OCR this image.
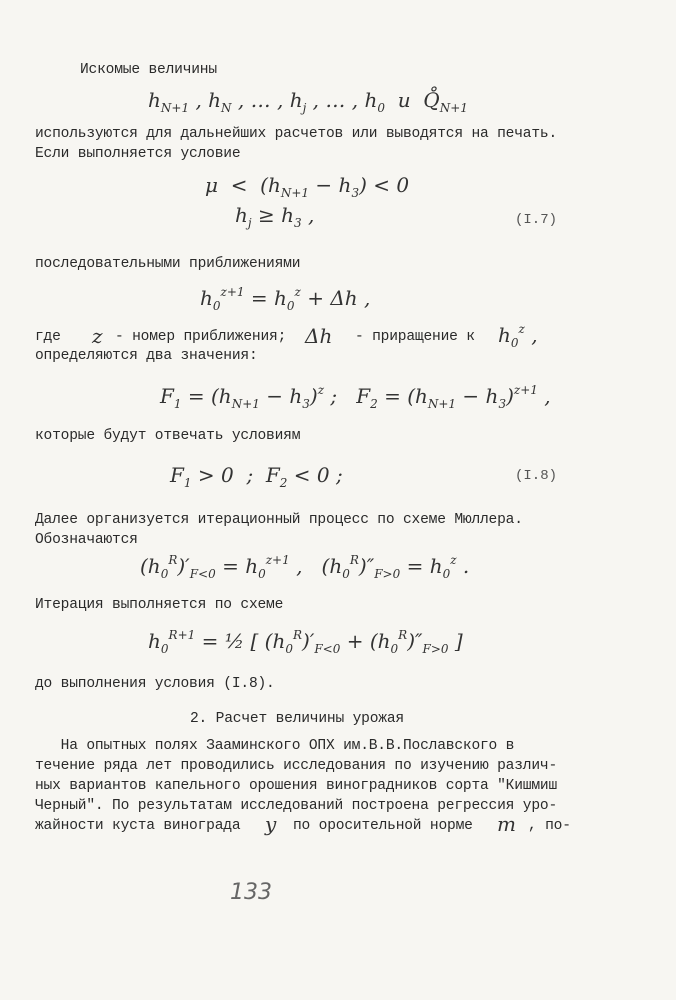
Искомые величины
$h_{N+1}$ , $h_N$ , … , $h_j$ , … , $h_0$ и  $Q̊_{N+1}$
используются для дальнейших расчетов или выводятся на печать.
Если выполняется условие
$\mu < (h_{N+1} - h_3) < 0$
$h_j \ge h_3$ ,	(I.7)
последовательными приближениями
$h_0^{z+1} = h_0^z + \Delta h$ ,
где z - номер приближения; Δh - приращение к $h_0^z$ ,
определяются два значения:
$F_1 = (h_{N+1} - h_3)^z$ ;   $F_2 = (h_{N+1} - h_3)^{z+1}$ ,
которые будут отвечать условиям
$F_1 > 0$  ;  $F_2 < 0$ ;	(I.8)
Далее организуется итерационный процесс по схеме Мюллера.
Обозначаются
$(h_0^R)'_{F<0} = h_0^{z+1}$ ,   $(h_0^R)''_{F>0} = h_0^z$ .
Итерация выполняется по схеме
$h_0^{R+1}$ = ½ [ $(h_0^R)'_{F<0} + (h_0^R)''_{F>0}$ ]
до выполнения условия (I.8).
2. Расчет величины урожая
На опытных полях Зааминского ОПХ им.В.В.Пославского в
течение ряда лет проводились исследования по изучению различ-
ных вариантов капельного орошения виноградников сорта "Кишмиш
Черный". По результатам исследований построена регрессия уро-
жайности куста винограда y по оросительной норме m , по-
133
